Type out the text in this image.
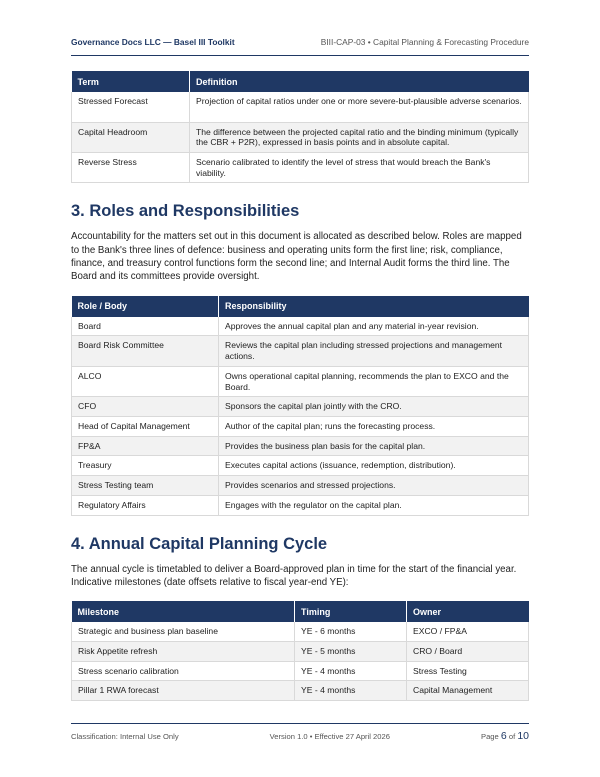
Governance Docs LLC — Basel III Toolkit	BIII-CAP-03 • Capital Planning & Forecasting Procedure
Term	Definition
Stressed Forecast	Projection of capital ratios under one or more severe-but-plausible adverse scenarios.
Capital Headroom	The difference between the projected capital ratio and the binding minimum (typically the CBR + P2R), expressed in basis points and in absolute capital.
Reverse Stress	Scenario calibrated to identify the level of stress that would breach the Bank's viability.
3. Roles and Responsibilities

Accountability for the matters set out in this document is allocated as described below. Roles are mapped to the Bank's three lines of defence: business and operating units form the first line; risk, compliance, finance, and treasury control functions form the second line; and Internal Audit forms the third line. The Board and its committees provide oversight.

Role / Body	Responsibility
Board	Approves the annual capital plan and any material in-year revision.
Board Risk Committee	Reviews the capital plan including stressed projections and management actions.
ALCO	Owns operational capital planning, recommends the plan to EXCO and the Board.
CFO	Sponsors the capital plan jointly with the CRO.
Head of Capital Management	Author of the capital plan; runs the forecasting process.
FP&A	Provides the business plan basis for the capital plan.
Treasury	Executes capital actions (issuance, redemption, distribution).
Stress Testing team	Provides scenarios and stressed projections.
Regulatory Affairs	Engages with the regulator on the capital plan.
4. Annual Capital Planning Cycle

The annual cycle is timetabled to deliver a Board-approved plan in time for the start of the financial year. Indicative milestones (date offsets relative to fiscal year-end YE):

Milestone	Timing	Owner
Strategic and business plan baseline	YE - 6 months	EXCO / FP&A
Risk Appetite refresh	YE - 5 months	CRO / Board
Stress scenario calibration	YE - 4 months	Stress Testing
Pillar 1 RWA forecast	YE - 4 months	Capital Management
Classification: Internal Use Only	Version 1.0 • Effective 27 April 2026	Page 6 of 10
